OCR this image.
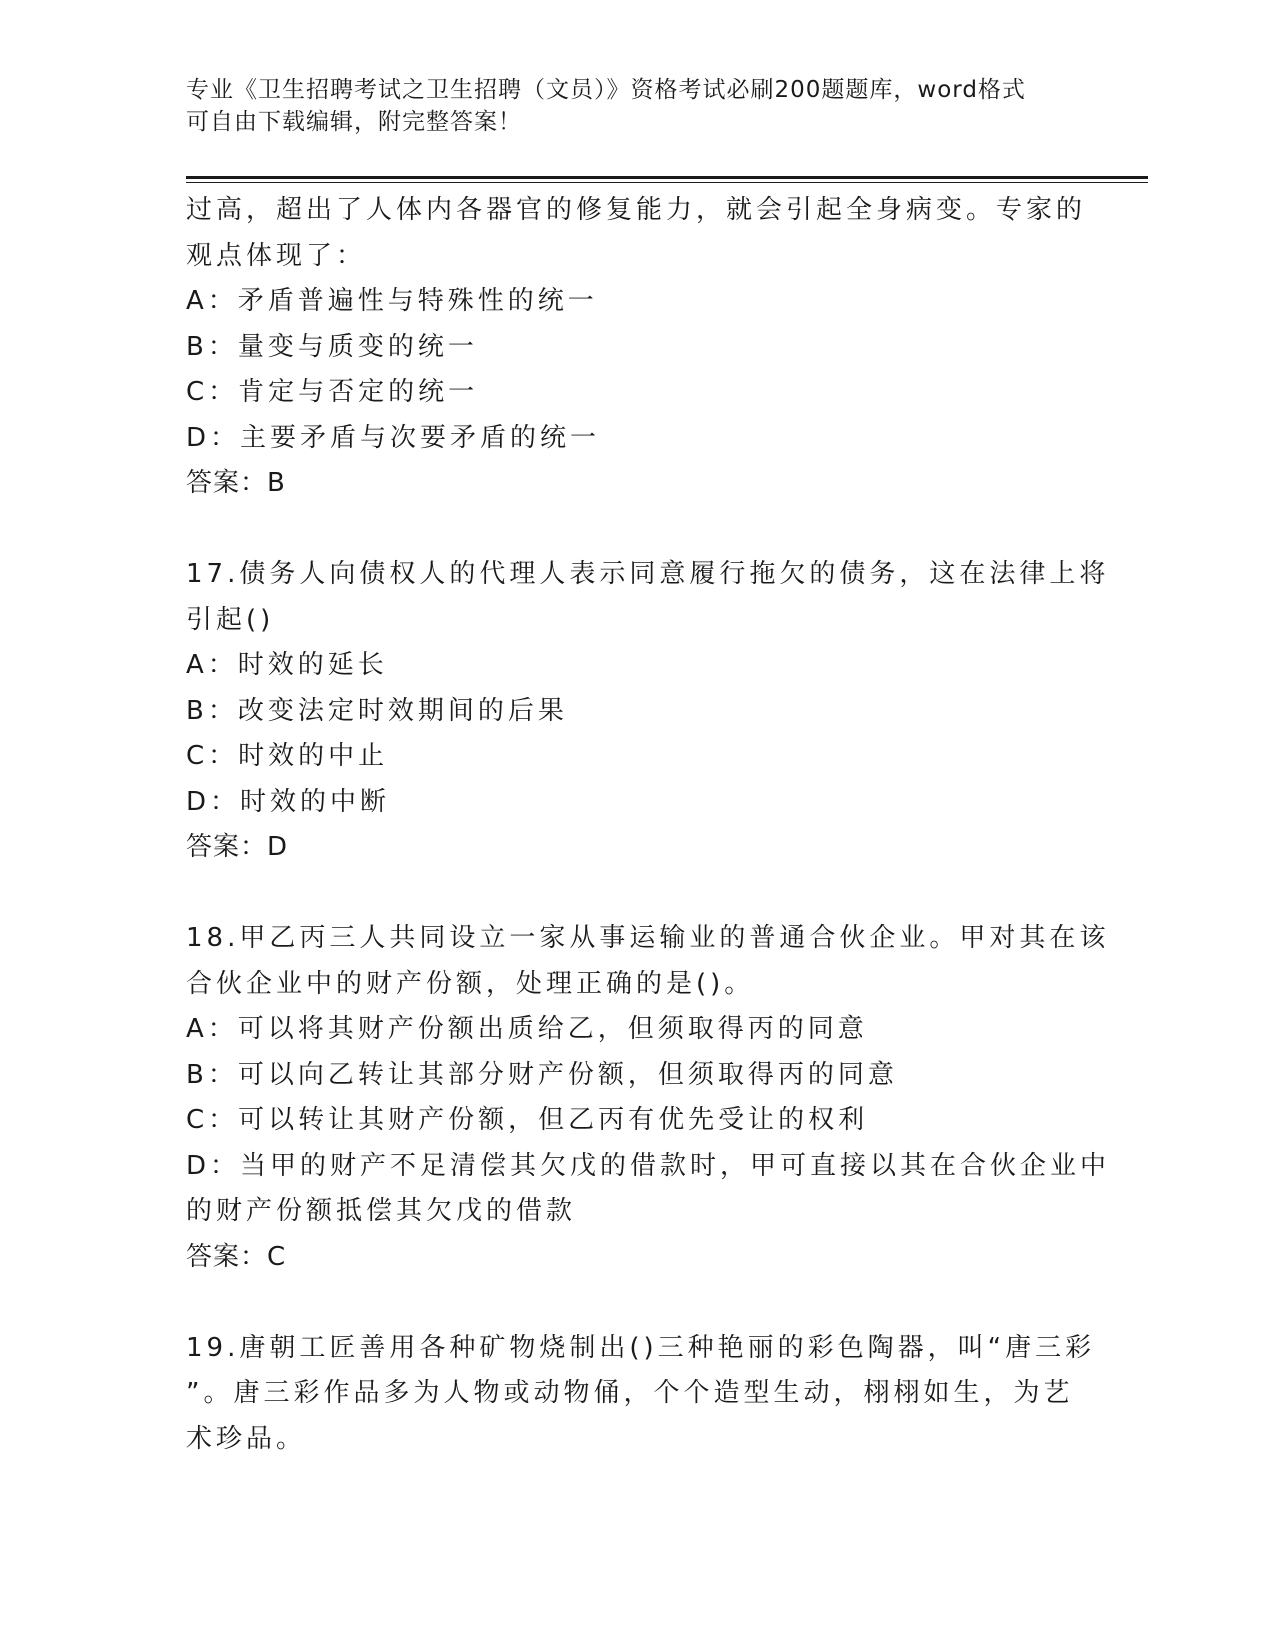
专业《卫生招聘考试之卫生招聘（文员）》资格考试必刷200题题库，word格式
可自由下载编辑，附完整答案！
过高，超出了人体内各器官的修复能力，就会引起全身病变。专家的
观点体现了：
A：矛盾普遍性与特殊性的统一
B：量变与质变的统一
C：肯定与否定的统一
D：主要矛盾与次要矛盾的统一
答案：B
17.债务人向债权人的代理人表示同意履行拖欠的债务，这在法律上将
引起()
A：时效的延长
B：改变法定时效期间的后果
C：时效的中止
D：时效的中断
答案：D
18.甲乙丙三人共同设立一家从事运输业的普通合伙企业。甲对其在该
合伙企业中的财产份额，处理正确的是()。
A：可以将其财产份额出质给乙，但须取得丙的同意
B：可以向乙转让其部分财产份额，但须取得丙的同意
C：可以转让其财产份额，但乙丙有优先受让的权利
D：当甲的财产不足清偿其欠戊的借款时，甲可直接以其在合伙企业中
的财产份额抵偿其欠戊的借款
答案：C
19.唐朝工匠善用各种矿物烧制出()三种艳丽的彩色陶器，叫“唐三彩
”。唐三彩作品多为人物或动物俑，个个造型生动，栩栩如生，为艺
术珍品。
